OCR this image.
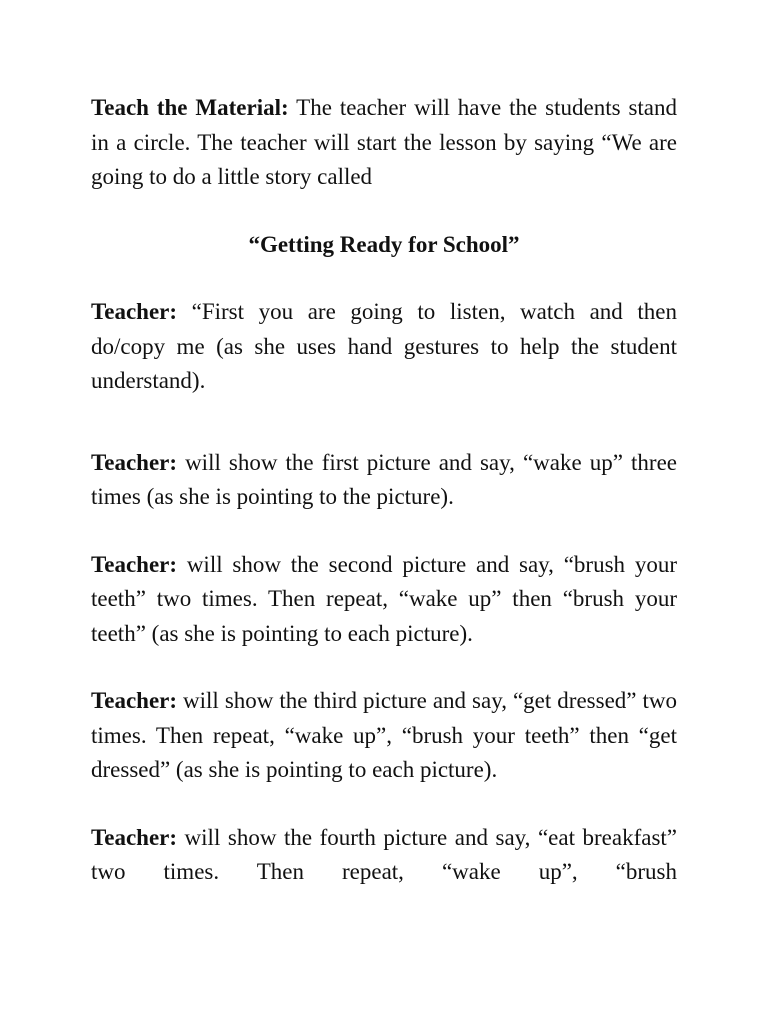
Teach the Material: The teacher will have the students stand in a circle. The teacher will start the lesson by saying “We are going to do a little story called

“Getting Ready for School”

Teacher: “First you are going to listen, watch and then do/copy me (as she uses hand gestures to help the student understand).

Teacher: will show the first picture and say, “wake up” three times (as she is pointing to the picture).

Teacher: will show the second picture and say, “brush your teeth” two times. Then repeat, “wake up” then “brush your teeth” (as she is pointing to each picture).

Teacher: will show the third picture and say, “get dressed” two times. Then repeat, “wake up”, “brush your teeth” then “get dressed” (as she is pointing to each picture).

Teacher: will show the fourth picture and say, “eat breakfast” two times. Then repeat, “wake up”, “brush
